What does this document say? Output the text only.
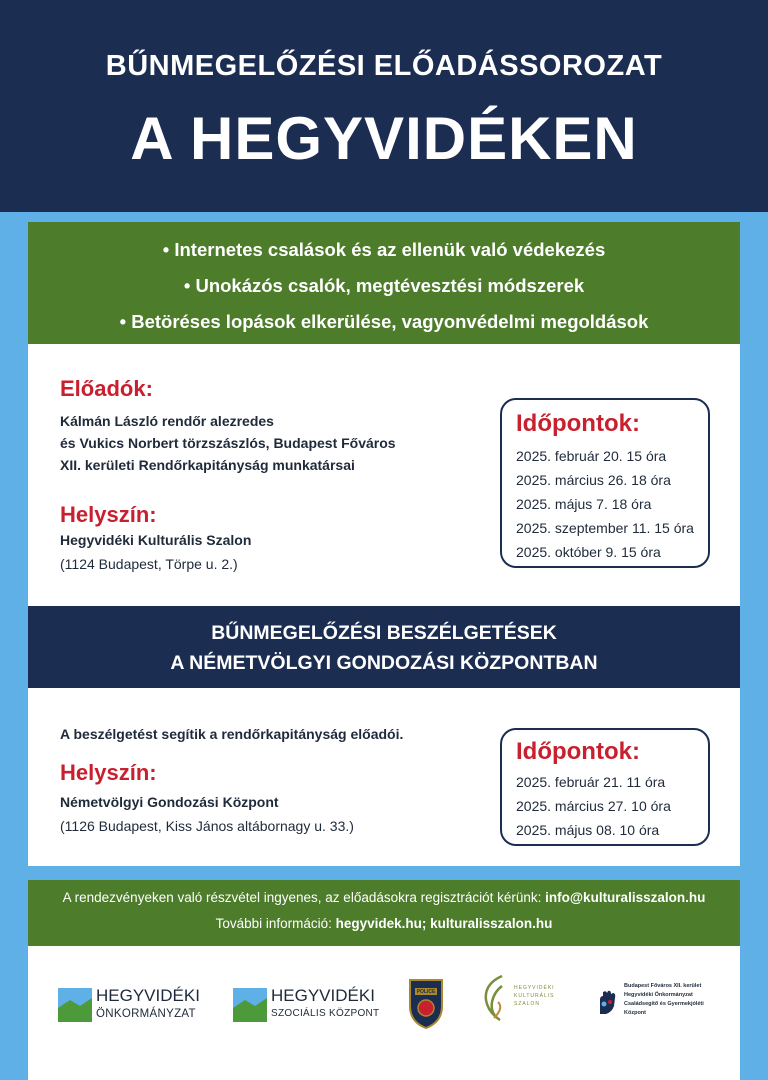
BŰNMEGELŐZÉSI ELŐADÁSSOROZAT
A HEGYVIDÉKEN
• Internetes csalások és az ellenük való védekezés
• Unokázós csalók, megtévesztési módszerek
• Betöréses lopások elkerülése, vagyonvédelmi megoldások
Előadók:
Kálmán László rendőr alezredes
és Vukics Norbert törzszászlós, Budapest Főváros
XII. kerületi Rendőrkapitányság munkatársai
Helyszín:
Hegyvidéki Kulturális Szalon
(1124 Budapest, Törpe u. 2.)
Időpontok:
2025. február 20. 15 óra
2025. március 26. 18 óra
2025. május 7. 18 óra
2025. szeptember 11. 15 óra
2025. október 9. 15 óra
BŰNMEGELŐZÉSI BESZÉLGETÉSEK
A NÉMETVÖLGYI GONDOZÁSI KÖZPONTBAN
A beszélgetést segítik a rendőrkapitányság előadói.
Helyszín:
Németvölgyi Gondozási Központ
(1126 Budapest, Kiss János altábornagy u. 33.)
Időpontok:
2025. február 21. 11 óra
2025. március 27. 10 óra
2025. május 08. 10 óra
A rendezvényeken való részvétel ingyenes, az előadásokra regisztrációt kérünk: info@kulturalisszalon.hu
További információ: hegyvidek.hu; kulturalisszalon.hu
HEGYVIDÉKI
ÖNKORMÁNYZAT
HEGYVIDÉKI
SZOCIÁLIS KÖZPONT
POLICE
HEGYVIDÉKI
KULTURÁLIS
SZALON
Budapest Főváros XII. kerület
Hegyvidéki Önkormányzat
Családsegítő és Gyermekjóléti
Központ
